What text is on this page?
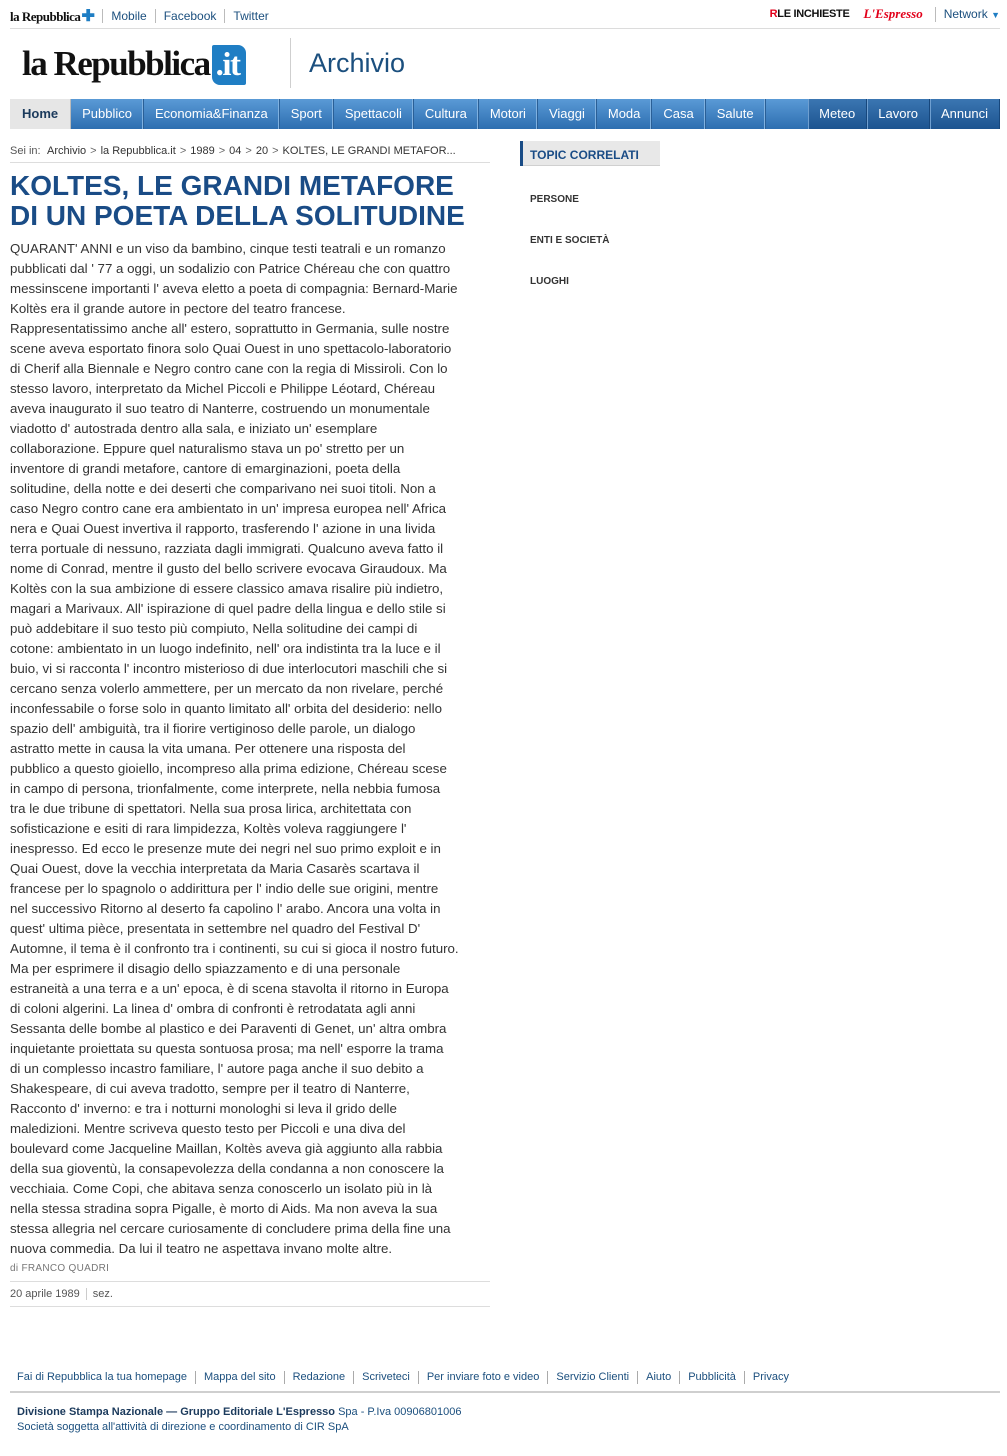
la Repubblica✚	Mobile	Facebook	Twitter	RLE INCHIESTE	L'Espresso	Network ▼
la Repubblica .it	Archivio
Home	Pubblico	Economia&Finanza	Sport	Spettacoli	Cultura	Motori	Viaggi	Moda	Casa	Salute	Meteo	Lavoro	Annunci
Sei in: Archivio > la Repubblica.it > 1989 > 04 > 20 > KOLTES, LE GRANDI METAFOR...
KOLTES, LE GRANDI METAFORE
DI UN POETA DELLA SOLITUDINE
QUARANT' ANNI e un viso da bambino, cinque testi teatrali e un romanzo
pubblicati dal ' 77 a oggi, un sodalizio con Patrice Chéreau che con quattro
messinscene importanti l' aveva eletto a poeta di compagnia: Bernard-Marie
Koltès era il grande autore in pectore del teatro francese.
Rappresentatissimo anche all' estero, soprattutto in Germania, sulle nostre
scene aveva esportato finora solo Quai Ouest in uno spettacolo-laboratorio
di Cherif alla Biennale e Negro contro cane con la regia di Missiroli. Con lo
stesso lavoro, interpretato da Michel Piccoli e Philippe Léotard, Chéreau
aveva inaugurato il suo teatro di Nanterre, costruendo un monumentale
viadotto d' autostrada dentro alla sala, e iniziato un' esemplare
collaborazione. Eppure quel naturalismo stava un po' stretto per un
inventore di grandi metafore, cantore di emarginazioni, poeta della
solitudine, della notte e dei deserti che comparivano nei suoi titoli. Non a
caso Negro contro cane era ambientato in un' impresa europea nell' Africa
nera e Quai Ouest invertiva il rapporto, trasferendo l' azione in una livida
terra portuale di nessuno, razziata dagli immigrati. Qualcuno aveva fatto il
nome di Conrad, mentre il gusto del bello scrivere evocava Giraudoux. Ma
Koltès con la sua ambizione di essere classico amava risalire più indietro,
magari a Marivaux. All' ispirazione di quel padre della lingua e dello stile si
può addebitare il suo testo più compiuto, Nella solitudine dei campi di
cotone: ambientato in un luogo indefinito, nell' ora indistinta tra la luce e il
buio, vi si racconta l' incontro misterioso di due interlocutori maschili che si
cercano senza volerlo ammettere, per un mercato da non rivelare, perché
inconfessabile o forse solo in quanto limitato all' orbita del desiderio: nello
spazio dell' ambiguità, tra il fiorire vertiginoso delle parole, un dialogo
astratto mette in causa la vita umana. Per ottenere una risposta del
pubblico a questo gioiello, incompreso alla prima edizione, Chéreau scese
in campo di persona, trionfalmente, come interprete, nella nebbia fumosa
tra le due tribune di spettatori. Nella sua prosa lirica, architettata con
sofisticazione e esiti di rara limpidezza, Koltès voleva raggiungere l'
inespresso. Ed ecco le presenze mute dei negri nel suo primo exploit e in
Quai Ouest, dove la vecchia interpretata da Maria Casarès scartava il
francese per lo spagnolo o addirittura per l' indio delle sue origini, mentre
nel successivo Ritorno al deserto fa capolino l' arabo. Ancora una volta in
quest' ultima pièce, presentata in settembre nel quadro del Festival D'
Automne, il tema è il confronto tra i continenti, su cui si gioca il nostro futuro.
Ma per esprimere il disagio dello spiazzamento e di una personale
estraneità a una terra e a un' epoca, è di scena stavolta il ritorno in Europa
di coloni algerini. La linea d' ombra di confronti è retrodatata agli anni
Sessanta delle bombe al plastico e dei Paraventi di Genet, un' altra ombra
inquietante proiettata su questa sontuosa prosa; ma nell' esporre la trama
di un complesso incastro familiare, l' autore paga anche il suo debito a
Shakespeare, di cui aveva tradotto, sempre per il teatro di Nanterre,
Racconto d' inverno: e tra i notturni monologhi si leva il grido delle
maledizioni. Mentre scriveva questo testo per Piccoli e una diva del
boulevard come Jacqueline Maillan, Koltès aveva già aggiunto alla rabbia
della sua gioventù, la consapevolezza della condanna a non conoscere la
vecchiaia. Come Copi, che abitava senza conoscerlo un isolato più in là
nella stessa stradina sopra Pigalle, è morto di Aids. Ma non aveva la sua
stessa allegria nel cercare curiosamente di concludere prima della fine una
nuova commedia. Da lui il teatro ne aspettava invano molte altre.
di FRANCO QUADRI
20 aprile 1989 sez.
TOPIC CORRELATI
PERSONE
ENTI E SOCIETÀ
LUOGHI
Fai di Repubblica la tua homepage	Mappa del sito	Redazione	Scriveteci	Per inviare foto e video	Servizio Clienti	Aiuto	Pubblicità	Privacy
Divisione Stampa Nazionale — Gruppo Editoriale L'Espresso Spa - P.Iva 00906801006
Società soggetta all'attività di direzione e coordinamento di CIR SpA
